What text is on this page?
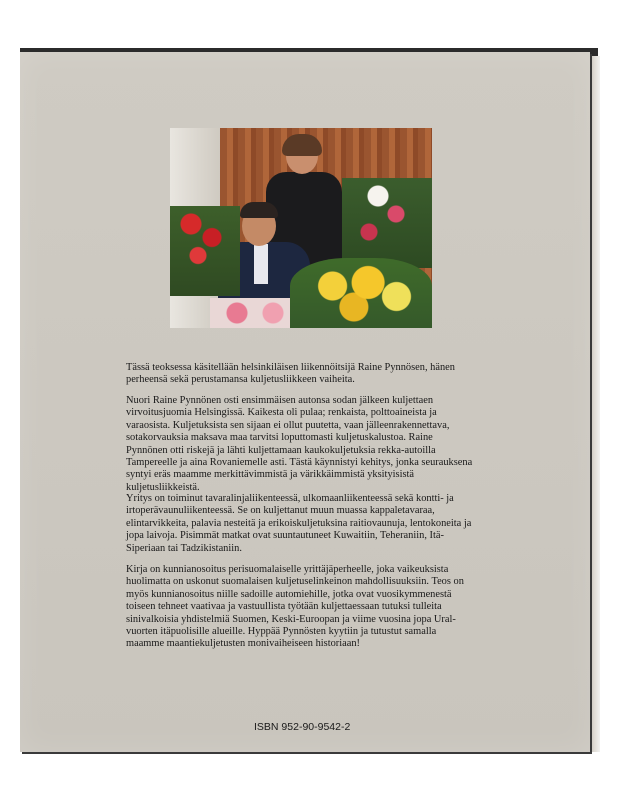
Tässä teoksessa käsitellään helsinkiläisen liikennöitsijä Raine Pynnösen, hänen perheensä sekä perustamansa kuljetusliikkeen vaiheita.

Nuori Raine Pynnönen osti ensimmäisen autonsa sodan jälkeen kuljettaen virvoitusjuomia Helsingissä. Kaikesta oli pulaa; renkaista, polttoaineista ja varaosista. Kuljetuksista sen sijaan ei ollut puutetta, vaan jälleenrakennettava, sotakorvauksia maksava maa tarvitsi loputtomasti kuljetuskalustoa. Raine Pynnönen otti riskejä ja lähti kuljettamaan kaukokuljetuksia rekka-autoilla Tampereelle ja aina Rovaniemelle asti. Tästä käynnistyi kehitys, jonka seurauksena syntyi eräs maamme merkittävimmistä ja värikkäimmistä yksityisistä kuljetusliikkeistä.

Yritys on toiminut tavaralinjaliikenteessä, ulkomaanliikenteessä sekä kontti- ja irtoperävaunuliikenteessä. Se on kuljettanut muun muassa kappaletavaraa, elintarvikkeita, palavia nesteitä ja erikoiskuljetuksina raitiovaunuja, lentokoneita ja jopa laivoja. Pisimmät matkat ovat suuntautuneet Kuwaitiin, Teheraniin, Itä-Siperiaan tai Tadzikistaniin.

Kirja on kunnianosoitus perisuomalaiselle yrittäjäperheelle, joka vaikeuksista huolimatta on uskonut suomalaisen kuljetuselinkeinon mahdollisuuksiin. Teos on myös kunnianosoitus niille sadoille automiehille, jotka ovat vuosikymmenestä toiseen tehneet vaativaa ja vastuullista työtään kuljettaessaan tutuksi tulleita sinivalkoisia yhdistelmiä Suomen, Keski-Euroopan ja viime vuosina jopa Ural-vuorten itäpuolisille alueille. Hyppää Pynnösten kyytiin ja tutustut samalla maamme maantiekuljetusten monivaiheiseen historiaan!

ISBN 952-90-9542-2
